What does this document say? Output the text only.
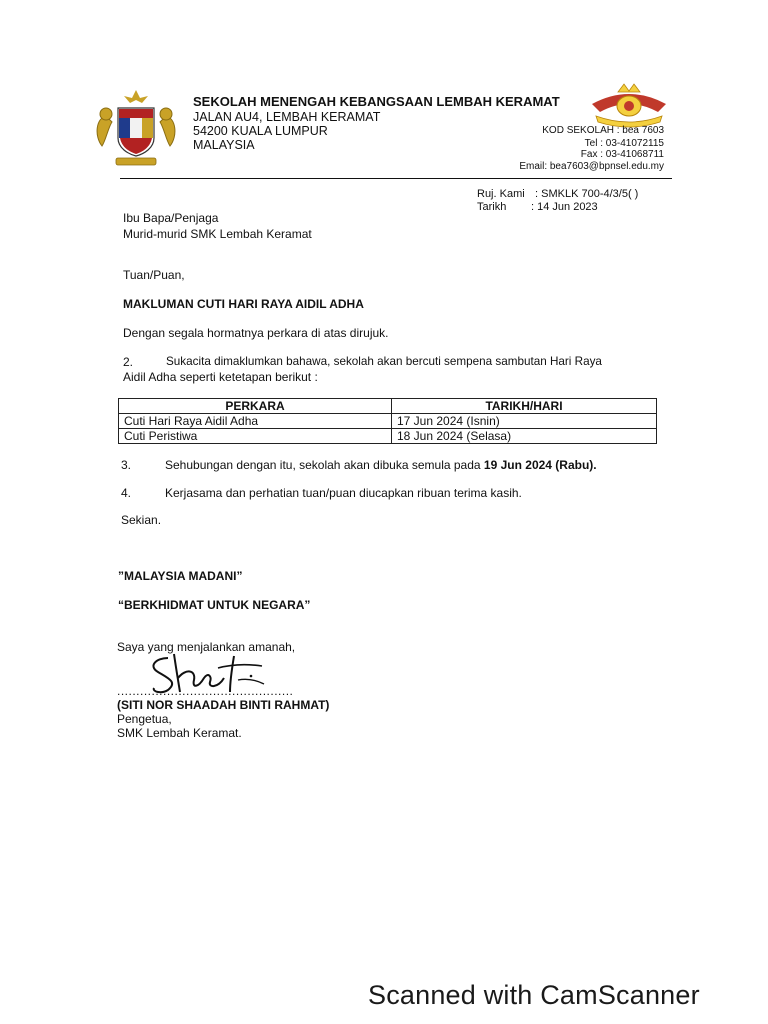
SEKOLAH MENENGAH KEBANGSAAN LEMBAH KERAMAT
JALAN AU4, LEMBAH KERAMAT
54200 KUALA LUMPUR
MALAYSIA
KOD SEKOLAH : bea 7603
Tel : 03-41072115
Fax : 03-41068711
Email: bea7603@bpnsel.edu.my
Ruj. Kami : SMKLK 700-4/3/5( )
Tarikh : 14 Jun 2023
Ibu Bapa/Penjaga
Murid-murid SMK Lembah Keramat
Tuan/Puan,
MAKLUMAN CUTI HARI RAYA AIDIL ADHA
Dengan segala hormatnya perkara di atas dirujuk.
2.	Sukacita dimaklumkan bahawa, sekolah akan bercuti sempena sambutan Hari Raya
Aidil Adha seperti ketetapan berikut :
PERKARA	TARIKH/HARI
Cuti Hari Raya Aidil Adha	17 Jun 2024 (Isnin)
Cuti Peristiwa	18 Jun 2024 (Selasa)
3.	Sehubungan dengan itu, sekolah akan dibuka semula pada 19 Jun 2024 (Rabu).
4.	Kerjasama dan perhatian tuan/puan diucapkan ribuan terima kasih.
Sekian.
”MALAYSIA MADANI”
“BERKHIDMAT UNTUK NEGARA”
Saya yang menjalankan amanah,
..............................................
(SITI NOR SHAADAH BINTI RAHMAT)
Pengetua,
SMK Lembah Keramat.
Scanned with CamScanner
